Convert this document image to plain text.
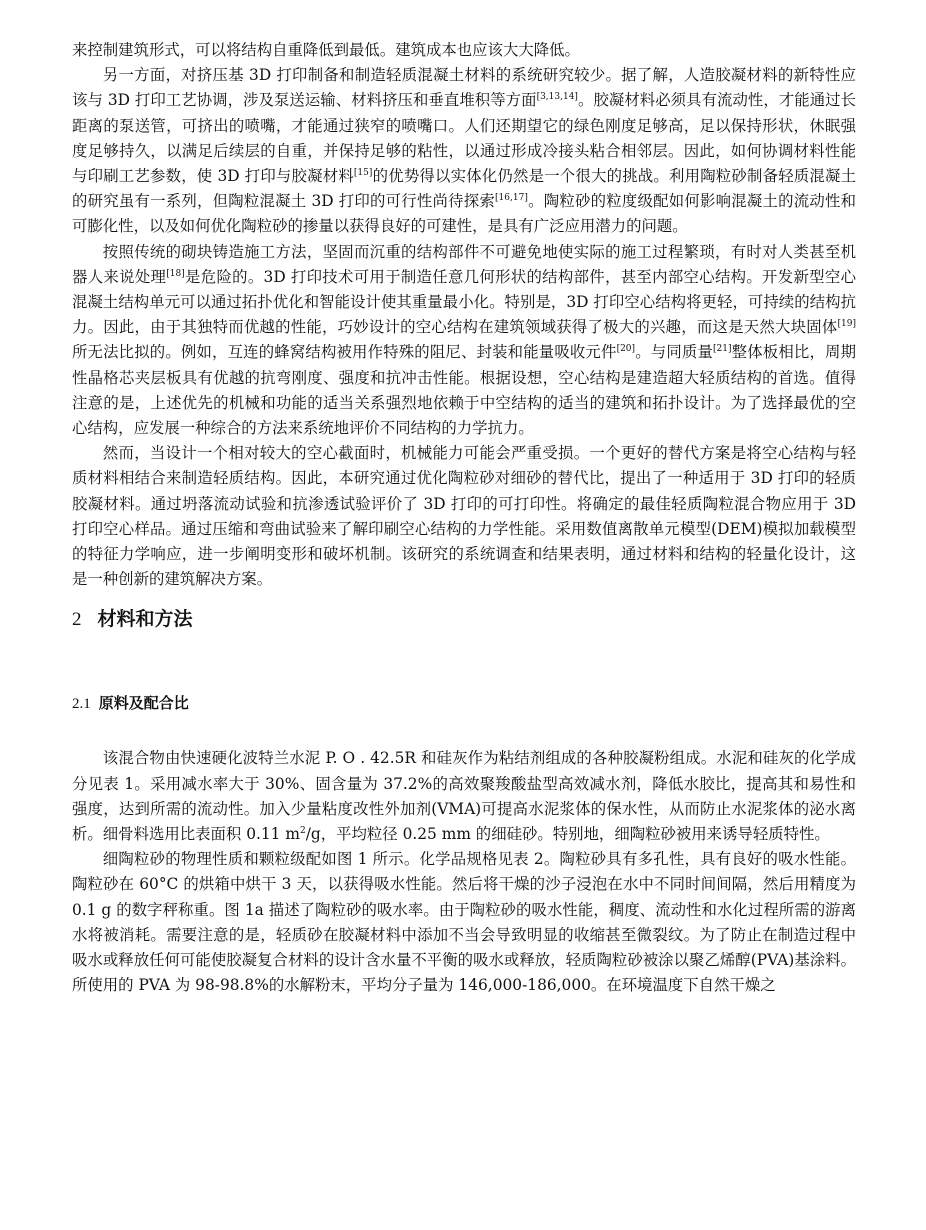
来控制建筑形式，可以将结构自重降低到最低。建筑成本也应该大大降低。

另一方面，对挤压基 3D 打印制备和制造轻质混凝土材料的系统研究较少。据了解，人造胶凝材料的新特性应该与 3D 打印工艺协调，涉及泵送运输、材料挤压和垂直堆积等方面[3,13,14]。胶凝材料必须具有流动性，才能通过长距离的泵送管，可挤出的喷嘴，才能通过狭窄的喷嘴口。人们还期望它的绿色刚度足够高，足以保持形状，休眠强度足够持久，以满足后续层的自重，并保持足够的粘性，以通过形成冷接头粘合相邻层。因此，如何协调材料性能与印刷工艺参数，使 3D 打印与胶凝材料[15]的优势得以实体化仍然是一个很大的挑战。利用陶粒砂制备轻质混凝土的研究虽有一系列，但陶粒混凝土 3D 打印的可行性尚待探索[16,17]。陶粒砂的粒度级配如何影响混凝土的流动性和可膨化性，以及如何优化陶粒砂的掺量以获得良好的可建性，是具有广泛应用潜力的问题。

按照传统的砌块铸造施工方法，坚固而沉重的结构部件不可避免地使实际的施工过程繁琐，有时对人类甚至机器人来说处理[18]是危险的。3D 打印技术可用于制造任意几何形状的结构部件，甚至内部空心结构。开发新型空心混凝土结构单元可以通过拓扑优化和智能设计使其重量最小化。特别是，3D 打印空心结构将更轻，可持续的结构抗力。因此，由于其独特而优越的性能，巧妙设计的空心结构在建筑领域获得了极大的兴趣，而这是天然大块固体[19]所无法比拟的。例如，互连的蜂窝结构被用作特殊的阻尼、封装和能量吸收元件[20]。与同质量[21]整体板相比，周期性晶格芯夹层板具有优越的抗弯刚度、强度和抗冲击性能。根据设想，空心结构是建造超大轻质结构的首选。值得注意的是，上述优先的机械和功能的适当关系强烈地依赖于中空结构的适当的建筑和拓扑设计。为了选择最优的空心结构，应发展一种综合的方法来系统地评价不同结构的力学抗力。

然而，当设计一个相对较大的空心截面时，机械能力可能会严重受损。一个更好的替代方案是将空心结构与轻质材料相结合来制造轻质结构。因此，本研究通过优化陶粒砂对细砂的替代比，提出了一种适用于 3D 打印的轻质胶凝材料。通过坍落流动试验和抗渗透试验评价了 3D 打印的可打印性。将确定的最佳轻质陶粒混合物应用于 3D 打印空心样品。通过压缩和弯曲试验来了解印刷空心结构的力学性能。采用数值离散单元模型(DEM)模拟加载模型的特征力学响应，进一步阐明变形和破坏机制。该研究的系统调查和结果表明，通过材料和结构的轻量化设计，这是一种创新的建筑解决方案。

2 材料和方法
2.1 原料及配合比

该混合物由快速硬化波特兰水泥 P. O . 42.5R 和硅灰作为粘结剂组成的各种胶凝粉组成。水泥和硅灰的化学成分见表 1。采用减水率大于 30%、固含量为 37.2%的高效聚羧酸盐型高效减水剂，降低水胶比，提高其和易性和强度，达到所需的流动性。加入少量粘度改性外加剂(VMA)可提高水泥浆体的保水性，从而防止水泥浆体的泌水离析。细骨料选用比表面积 0.11 $m^2/g$，平均粒径 0.25 mm 的细硅砂。特别地，细陶粒砂被用来诱导轻质特性。

细陶粒砂的物理性质和颗粒级配如图 1 所示。化学品规格见表 2。陶粒砂具有多孔性，具有良好的吸水性能。陶粒砂在 60°C 的烘箱中烘干 3 天，以获得吸水性能。然后将干燥的沙子浸泡在水中不同时间间隔，然后用精度为 0.1 g 的数字秤称重。图 1a 描述了陶粒砂的吸水率。由于陶粒砂的吸水性能，稠度、流动性和水化过程所需的游离水将被消耗。需要注意的是，轻质砂在胶凝材料中添加不当会导致明显的收缩甚至微裂纹。为了防止在制造过程中吸水或释放任何可能使胶凝复合材料的设计含水量不平衡的吸水或释放，轻质陶粒砂被涂以聚乙烯醇(PVA)基涂料。所使用的 PVA 为 98-98.8%的水解粉末，平均分子量为 146,000-186,000。在环境温度下自然干燥之
